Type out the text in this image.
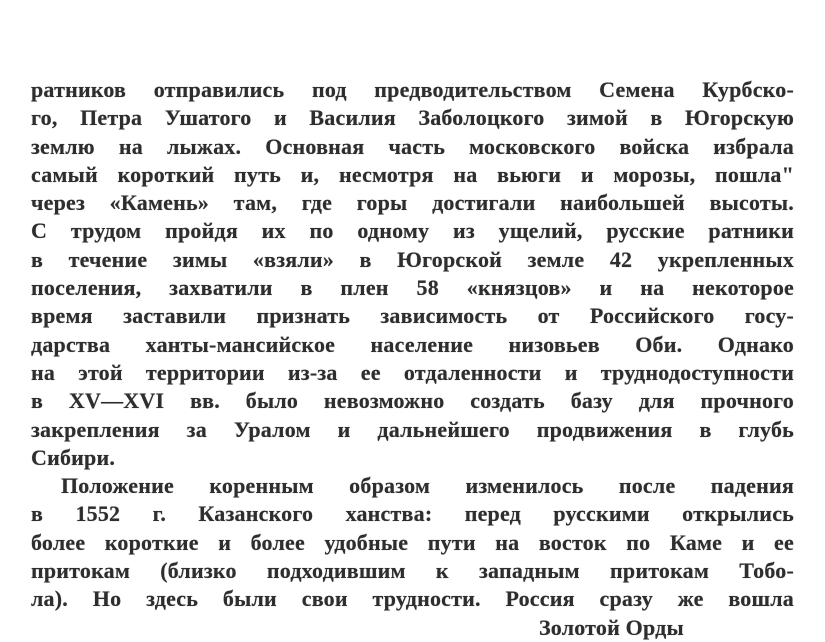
ратников отправились под предводительством Семена Курбско-
го, Петра Ушатого и Василия Заболоцкого зимой в Югорскую
землю на лыжах. Основная часть московского войска избрала
самый короткий путь и, несмотря на вьюги и морозы, пошла"
через «Камень» там, где горы достигали наибольшей высоты.
С трудом пройдя их по одному из ущелий, русские ратники
в течение зимы «взяли» в Югорской земле 42 укрепленных
поселения, захватили в плен 58 «князцов» и на некоторое
время заставили признать зависимость от Российского госу-
дарства ханты-мансийское население низовьев Оби. Однако
на этой территории из-за ее отдаленности и труднодоступности
в XV—XVI вв. было невозможно создать базу для прочного
закрепления за Уралом и дальнейшего продвижения в глубь
Сибири.
Положение коренным образом изменилось после падения
в 1552 г. Казанского ханства: перед русскими открылись
более короткие и более удобные пути на восток по Каме и ее
притокам (близко подходившим к западным притокам Тобо-
ла). Но здесь были свои трудности. Россия сразу же вошла
Золотой Орды
